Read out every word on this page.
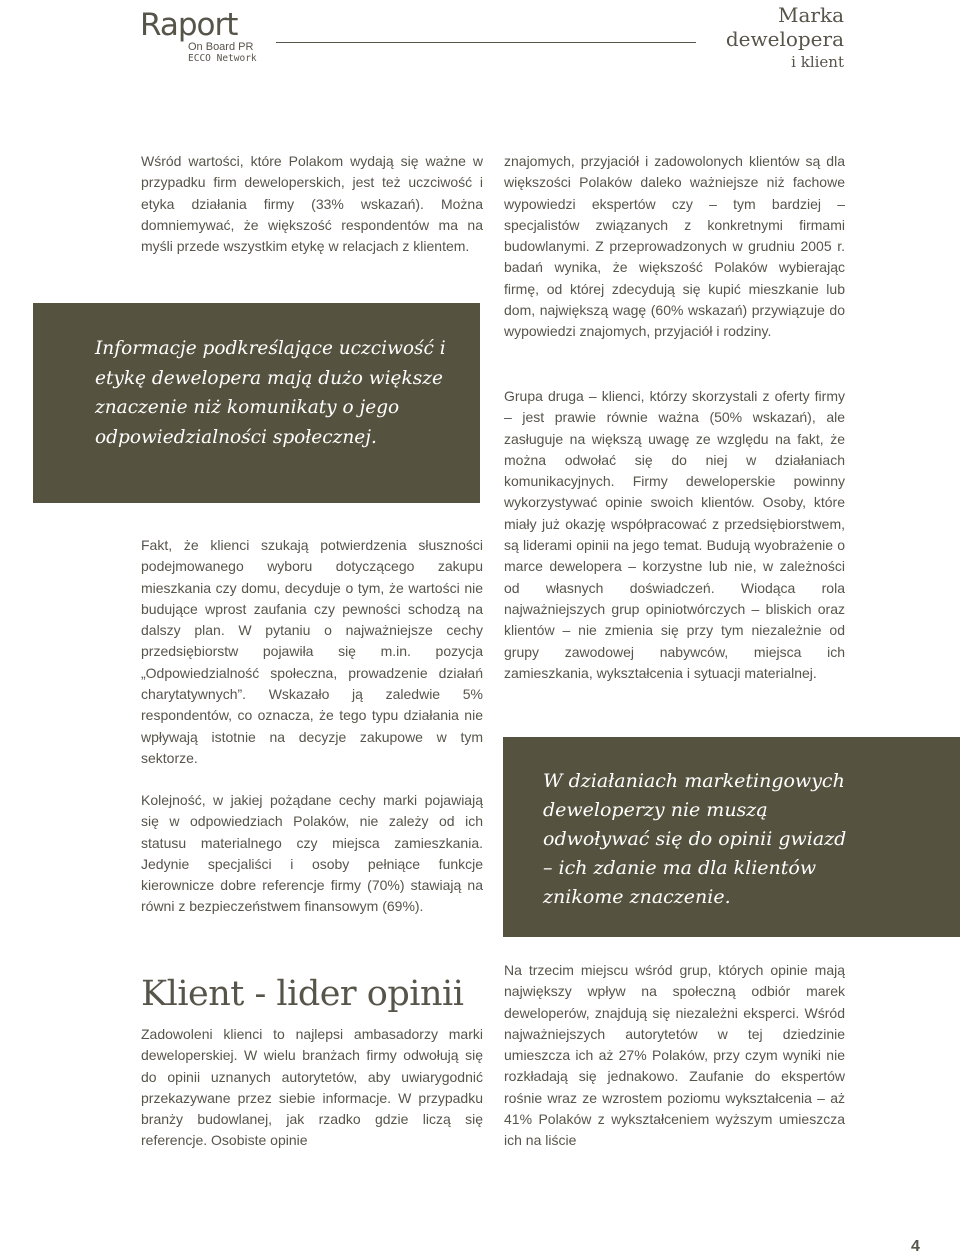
Raport
On Board PR
ECCO Network
Marka
dewelopera
i klient

Wśród wartości, które Polakom wydają się ważne w przypadku firm deweloperskich, jest też uczciwość i etyka działania firmy (33% wskazań). Można domniemywać, że większość respondentów ma na myśli przede wszystkim etykę w relacjach z klientem.

Informacje podkreślające uczciwość i etykę dewelopera mają dużo większe znaczenie niż komunikaty o jego odpowiedzialności społecznej.

Fakt, że klienci szukają potwierdzenia słuszności podejmowanego wyboru dotyczącego zakupu mieszkania czy domu, decyduje o tym, że wartości nie budujące wprost zaufania czy pewności schodzą na dalszy plan. W pytaniu o najważniejsze cechy przedsiębiorstw pojawiła się m.in. pozycja „Odpowiedzialność społeczna, prowadzenie działań charytatywnych”. Wskazało ją zaledwie 5% respondentów, co oznacza, że tego typu działania nie wpływają istotnie na decyzje zakupowe w tym sektorze.

Kolejność, w jakiej pożądane cechy marki pojawiają się w odpowiedziach Polaków, nie zależy od ich statusu materialnego czy miejsca zamieszkania. Jedynie specjaliści i osoby pełniące funkcje kierownicze dobre referencje firmy (70%) stawiają na równi z bezpieczeństwem finansowym (69%).

Klient - lider opinii

Zadowoleni klienci to najlepsi ambasadorzy marki deweloperskiej. W wielu branżach firmy odwołują się do opinii uznanych autorytetów, aby uwiarygodnić przekazywane przez siebie informacje. W przypadku branży budowlanej, jak rzadko gdzie liczą się referencje. Osobiste opinie

znajomych, przyjaciół i zadowolonych klientów są dla większości Polaków daleko ważniejsze niż fachowe wypowiedzi ekspertów czy – tym bardziej – specjalistów związanych z konkretnymi firmami budowlanymi. Z przeprowadzonych w grudniu 2005 r. badań wynika, że większość Polaków wybierając firmę, od której zdecydują się kupić mieszkanie lub dom, największą wagę (60% wskazań) przywiązuje do wypowiedzi znajomych, przyjaciół i rodziny.

Grupa druga – klienci, którzy skorzystali z oferty firmy – jest prawie równie ważna (50% wskazań), ale zasługuje na większą uwagę ze względu na fakt, że można odwołać się do niej w działaniach komunikacyjnych. Firmy deweloperskie powinny wykorzystywać opinie swoich klientów. Osoby, które miały już okazję współpracować z przedsiębiorstwem, są liderami opinii na jego temat. Budują wyobrażenie o marce dewelopera – korzystne lub nie, w zależności od własnych doświadczeń. Wiodąca rola najważniejszych grup opiniotwórczych – bliskich oraz klientów – nie zmienia się przy tym niezależnie od grupy zawodowej nabywców, miejsca ich zamieszkania, wykształcenia i sytuacji materialnej.

W działaniach marketingowych
deweloperzy nie muszą
odwoływać się do opinii gwiazd
– ich zdanie ma dla klientów
znikome znaczenie.

Na trzecim miejscu wśród grup, których opinie mają największy wpływ na społeczną odbiór marek deweloperów, znajdują się niezależni eksperci. Wśród najważniejszych autorytetów w tej dziedzinie umieszcza ich aż 27% Polaków, przy czym wyniki nie rozkładają się jednakowo. Zaufanie do ekspertów rośnie wraz ze wzrostem poziomu wykształcenia – aż 41% Polaków z wykształceniem wyższym umieszcza ich na liście

4
